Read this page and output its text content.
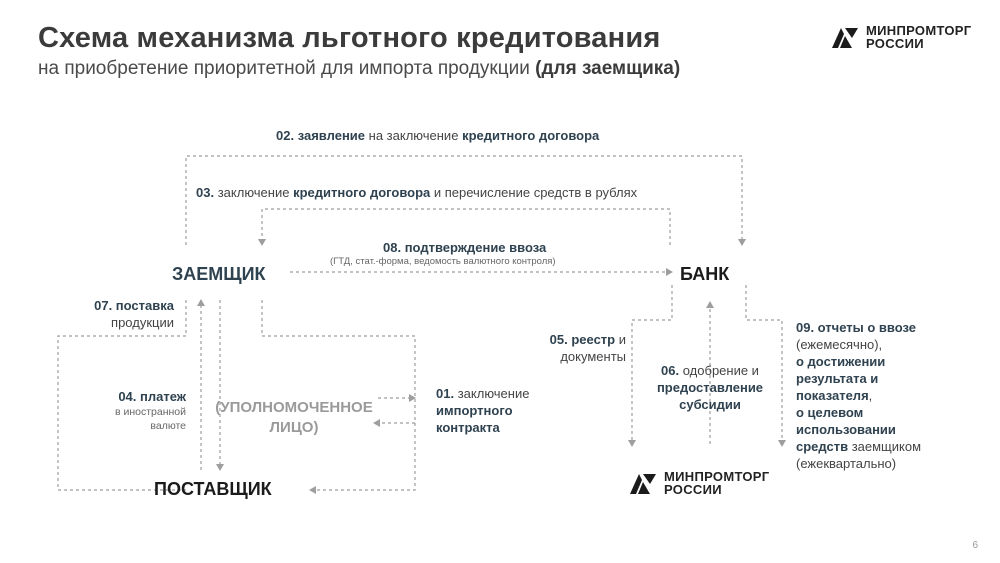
Схема механизма льготного кредитования
на приобретение приоритетной для импорта продукции (для заемщика)
МИНПРОМТОРГ
РОССИИ
02. заявление на заключение кредитного договора
03. заключение кредитного договора и перечисление средств в рублях
08. подтверждение ввоза
(ГТД, стат.-форма, ведомость валютного контроля)
ЗАЕМЩИК	БАНК
ПОСТАВЩИК
(УПОЛНОМОЧЕННОЕ
ЛИЦО)
07. поставка
продукции
04. платеж
в иностранной
валюте
01. заключение
импортного
контракта
05. реестр и
документы
06. одобрение и
предоставление
субсидии
09. отчеты о ввозе
(ежемесячно),
о достижении
результата и
показателя,
о целевом
использовании
средств заемщиком
(ежеквартально)
МИНПРОМТОРГ
РОССИИ
6
